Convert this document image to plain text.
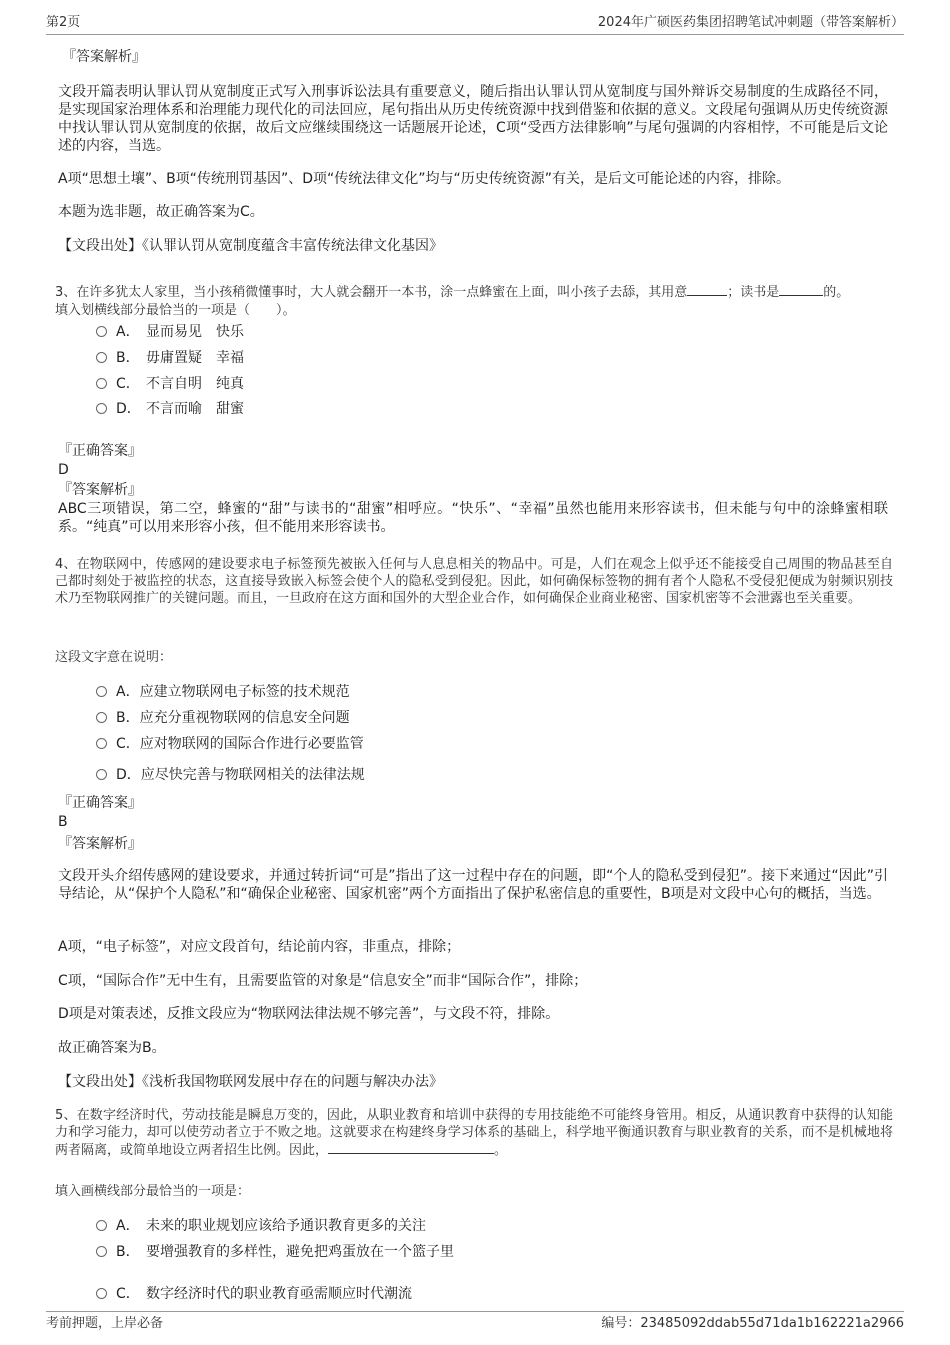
第2页	2024年广硕医药集团招聘笔试冲刺题（带答案解析）
『答案解析』

文段开篇表明认罪认罚从宽制度正式写入刑事诉讼法具有重要意义，随后指出认罪认罚从宽制度与国外辩诉交易制度的生成路径不同，是实现国家治理体系和治理能力现代化的司法回应，尾句指出从历史传统资源中找到借鉴和依据的意义。文段尾句强调从历史传统资源中找认罪认罚从宽制度的依据，故后文应继续围绕这一话题展开论述，C项“受西方法律影响”与尾句强调的内容相悖，不可能是后文论述的内容，当选。

A项“思想土壤”、B项“传统刑罚基因”、D项“传统法律文化”均与“历史传统资源”有关，是后文可能论述的内容，排除。
本题为选非题，故正确答案为C。
【文段出处】《认罪认罚从宽制度蕴含丰富传统法律文化基因》
3、在许多犹太人家里，当小孩稍微懂事时，大人就会翻开一本书，涂一点蜂蜜在上面，叫小孩子去舔，其用意	；读书是	的。
填入划横线部分最恰当的一项是（　　）。
A． 显而易见　快乐
B． 毋庸置疑　幸福
C． 不言自明　纯真
D． 不言而喻　甜蜜
『正确答案』
D
『答案解析』

ABC三项错误，第二空，蜂蜜的“甜”与读书的“甜蜜”相呼应。“快乐”、“幸福”虽然也能用来形容读书，但未能与句中的涂蜂蜜相联系。“纯真”可以用来形容小孩，但不能用来形容读书。

4、在物联网中，传感网的建设要求电子标签预先被嵌入任何与人息息相关的物品中。可是，人们在观念上似乎还不能接受自己周围的物品甚至自己都时刻处于被监控的状态，这直接导致嵌入标签会使个人的隐私受到侵犯。因此，如何确保标签物的拥有者个人隐私不受侵犯便成为射频识别技术乃至物联网推广的关键问题。而且，一旦政府在这方面和国外的大型企业合作，如何确保企业商业秘密、国家机密等不会泄露也至关重要。

这段文字意在说明：
A．应建立物联网电子标签的技术规范
B．应充分重视物联网的信息安全问题
C．应对物联网的国际合作进行必要监管
D．应尽快完善与物联网相关的法律法规
『正确答案』
B
『答案解析』

文段开头介绍传感网的建设要求，并通过转折词“可是”指出了这一过程中存在的问题，即“个人的隐私受到侵犯”。接下来通过“因此”引导结论，从“保护个人隐私”和“确保企业秘密、国家机密”两个方面指出了保护私密信息的重要性，B项是对文段中心句的概括，当选。

A项，“电子标签”，对应文段首句，结论前内容，非重点，排除；
C项，“国际合作”无中生有，且需要监管的对象是“信息安全”而非“国际合作”，排除；
D项是对策表述，反推文段应为“物联网法律法规不够完善”，与文段不符，排除。
故正确答案为B。
【文段出处】《浅析我国物联网发展中存在的问题与解决办法》
5、在数字经济时代，劳动技能是瞬息万变的，因此，从职业教育和培训中获得的专用技能绝不可能终身管用。相反，从通识教育中获得的认知能力和学习能力，却可以使劳动者立于不败之地。这就要求在构建终身学习体系的基础上，科学地平衡通识教育与职业教育的关系，而不是机械地将两者隔离，或简单地设立两者招生比例。因此，	。
填入画横线部分最恰当的一项是：
A． 未来的职业规划应该给予通识教育更多的关注
B． 要增强教育的多样性，避免把鸡蛋放在一个篮子里
C． 数字经济时代的职业教育亟需顺应时代潮流
考前押题，上岸必备	编号：23485092ddab55d71da1b162221a2966
